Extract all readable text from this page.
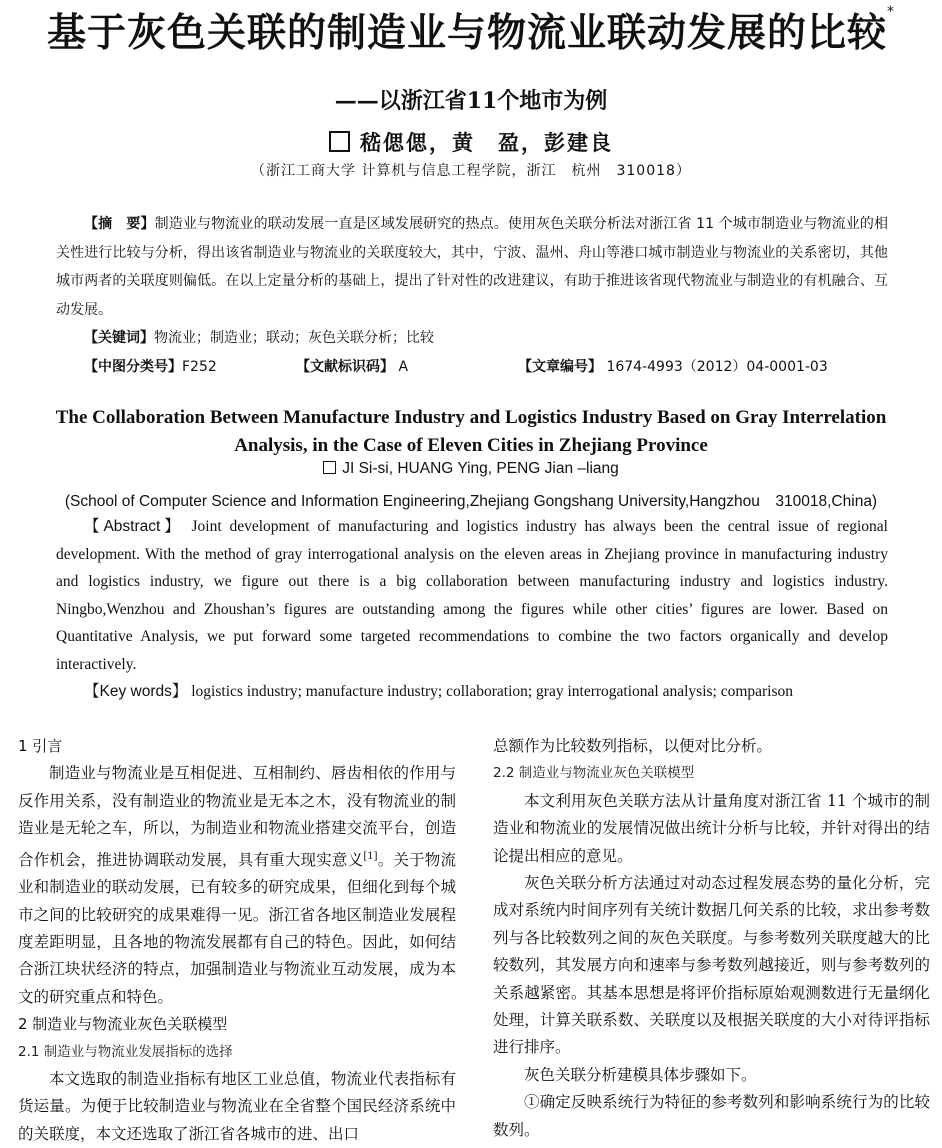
基于灰色关联的制造业与物流业联动发展的比较*
——以浙江省11个地市为例
嵇偲偲，黄　盈，彭建良
（浙江工商大学 计算机与信息工程学院，浙江　杭州　310018）

【摘　要】制造业与物流业的联动发展一直是区域发展研究的热点。使用灰色关联分析法对浙江省 11 个城市制造业与物流业的相关性进行比较与分析，得出该省制造业与物流业的关联度较大，其中，宁波、温州、舟山等港口城市制造业与物流业的关系密切，其他城市两者的关联度则偏低。在以上定量分析的基础上，提出了针对性的改进建议，有助于推进该省现代物流业与制造业的有机融合、互动发展。

【关键词】物流业；制造业；联动；灰色关联分析；比较

【中图分类号】F252	【文献标识码】 A	【文章编号】 1674-4993（2012）04-0001-03
The Collaboration Between Manufacture Industry and Logistics Industry Based on Gray Interrelation Analysis, in the Case of Eleven Cities in Zhejiang Province
JI Si-si, HUANG Ying, PENG Jian –liang
(School of Computer Science and Information Engineering,Zhejiang Gongshang University,Hangzhou　310018,China)

【Abstract】 Joint development of manufacturing and logistics industry has always been the central issue of regional development. With the method of gray interrogational analysis on the eleven areas in Zhejiang province in manufacturing industry and logistics industry, we figure out there is a big collaboration between manufacturing industry and logistics industry. Ningbo,Wenzhou and Zhoushan’s figures are outstanding among the figures while other cities’ figures are lower. Based on Quantitative Analysis, we put forward some targeted recommendations to combine the two factors organically and develop interactively.

【Key words】 logistics industry; manufacture industry; collaboration; gray interrogational analysis; comparison

1 引言

制造业与物流业是互相促进、互相制约、唇齿相依的作用与反作用关系，没有制造业的物流业是无本之木，没有物流业的制造业是无轮之车，所以，为制造业和物流业搭建交流平台，创造合作机会，推进协调联动发展，具有重大现实意义[1]。关于物流业和制造业的联动发展，已有较多的研究成果，但细化到每个城市之间的比较研究的成果难得一见。浙江省各地区制造业发展程度差距明显，且各地的物流发展都有自己的特色。因此，如何结合浙江块状经济的特点，加强制造业与物流业互动发展，成为本文的研究重点和特色。

2 制造业与物流业灰色关联模型

2.1 制造业与物流业发展指标的选择

本文选取的制造业指标有地区工业总值，物流业代表指标有货运量。为便于比较制造业与物流业在全省整个国民经济系统中的关联度，本文还选取了浙江省各城市的进、出口

总额作为比较数列指标，以便对比分析。

2.2 制造业与物流业灰色关联模型

本文利用灰色关联方法从计量角度对浙江省 11 个城市的制造业和物流业的发展情况做出统计分析与比较，并针对得出的结论提出相应的意见。

灰色关联分析方法通过对动态过程发展态势的量化分析，完成对系统内时间序列有关统计数据几何关系的比较，求出参考数列与各比较数列之间的灰色关联度。与参考数列关联度越大的比较数列，其发展方向和速率与参考数列越接近，则与参考数列的关系越紧密。其基本思想是将评价指标原始观测数进行无量纲化处理，计算关联系数、关联度以及根据关联度的大小对待评指标进行排序。

灰色关联分析建模具体步骤如下。

①确定反映系统行为特征的参考数列和影响系统行为的比较数列。
